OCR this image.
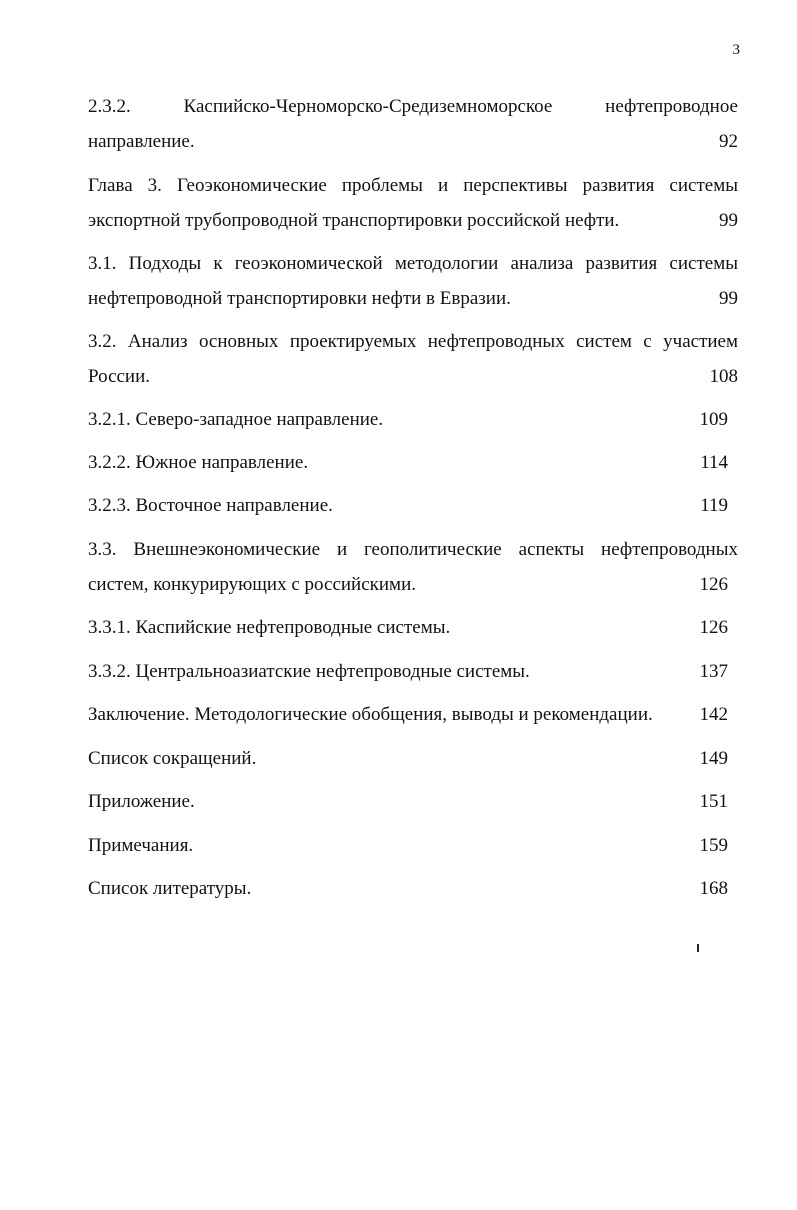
3
2.3.2. Каспийско-Черноморско-Средиземноморское нефтепроводное
направление.	92
Глава 3. Геоэкономические проблемы и перспективы развития системы
экспортной трубопроводной транспортировки российской нефти.	99
3.1. Подходы к геоэкономической методологии анализа развития системы
нефтепроводной транспортировки нефти в Евразии.	99
3.2. Анализ основных проектируемых нефтепроводных систем с участием
России.	108
3.2.1. Северо-западное направление.	109
3.2.2. Южное направление.	114
3.2.3. Восточное направление.	119
3.3. Внешнеэкономические и геополитические аспекты нефтепроводных
систем, конкурирующих с российскими.	126
3.3.1. Каспийские нефтепроводные системы.	126
3.3.2. Центральноазиатские нефтепроводные системы.	137
Заключение. Методологические обобщения, выводы и рекомендации. 142
Список сокращений.	149
Приложение.	151
Примечания.	159
Список литературы.	168
